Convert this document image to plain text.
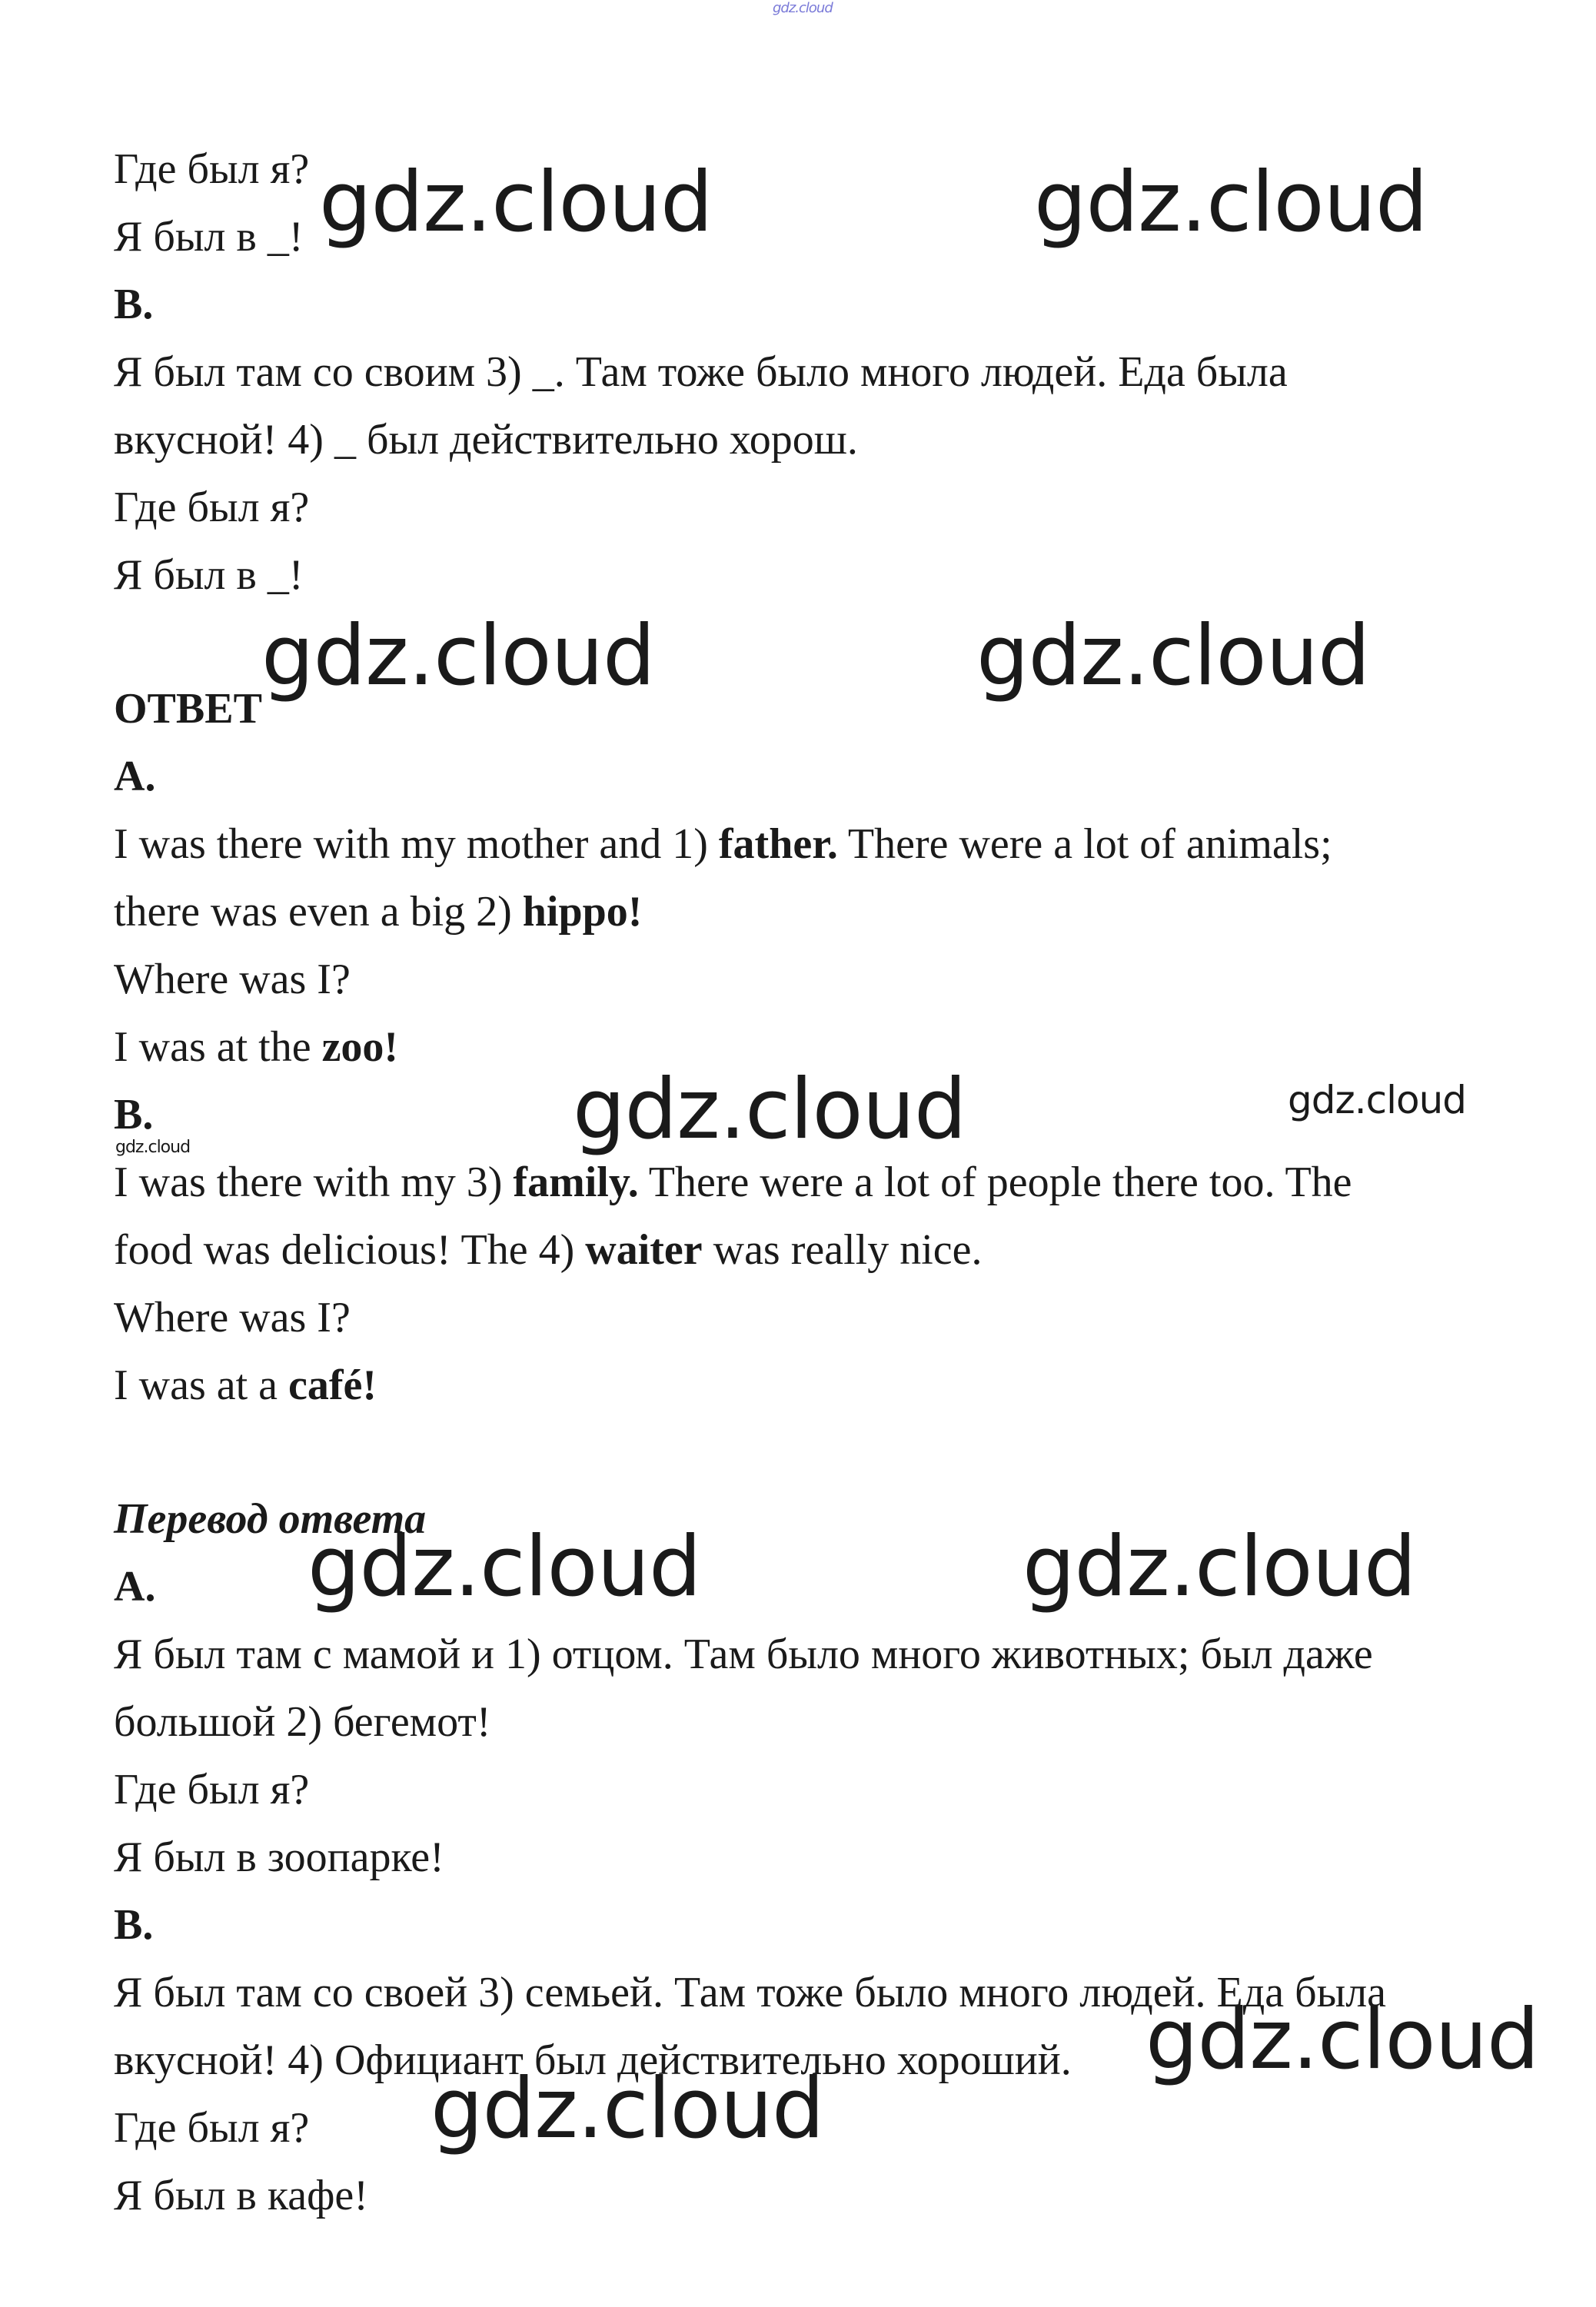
gdz.cloud

Где был я?

Я был в _!

B.

Я был там со своим 3) _. Там тоже было много людей. Еда была

вкусной! 4) _ был действительно хорош.

Где был я?

Я был в _!

ОТВЕТ

A.

I was there with my mother and 1) father. There were a lot of animals;

there was even a big 2) hippo!

Where was I?

I was at the zoo!

B.

I was there with my 3) family. There were a lot of people there too. The

food was delicious! The 4) waiter was really nice.

Where was I?

I was at a café!

Перевод ответа

A.

Я был там с мамой и 1) отцом. Там было много животных; был даже

большой 2) бегемот!

Где был я?

Я был в зоопарке!

B.

Я был там со своей 3) семьей. Там тоже было много людей. Еда была

вкусной! 4) Официант был действительно хороший.

Где был я?

Я был в кафе!

gdz.cloud	gdz.cloud
gdz.cloud	gdz.cloud
gdz.cloud	gdz.cloud
gdz.cloud
gdz.cloud	gdz.cloud
gdz.cloud
gdz.cloud
